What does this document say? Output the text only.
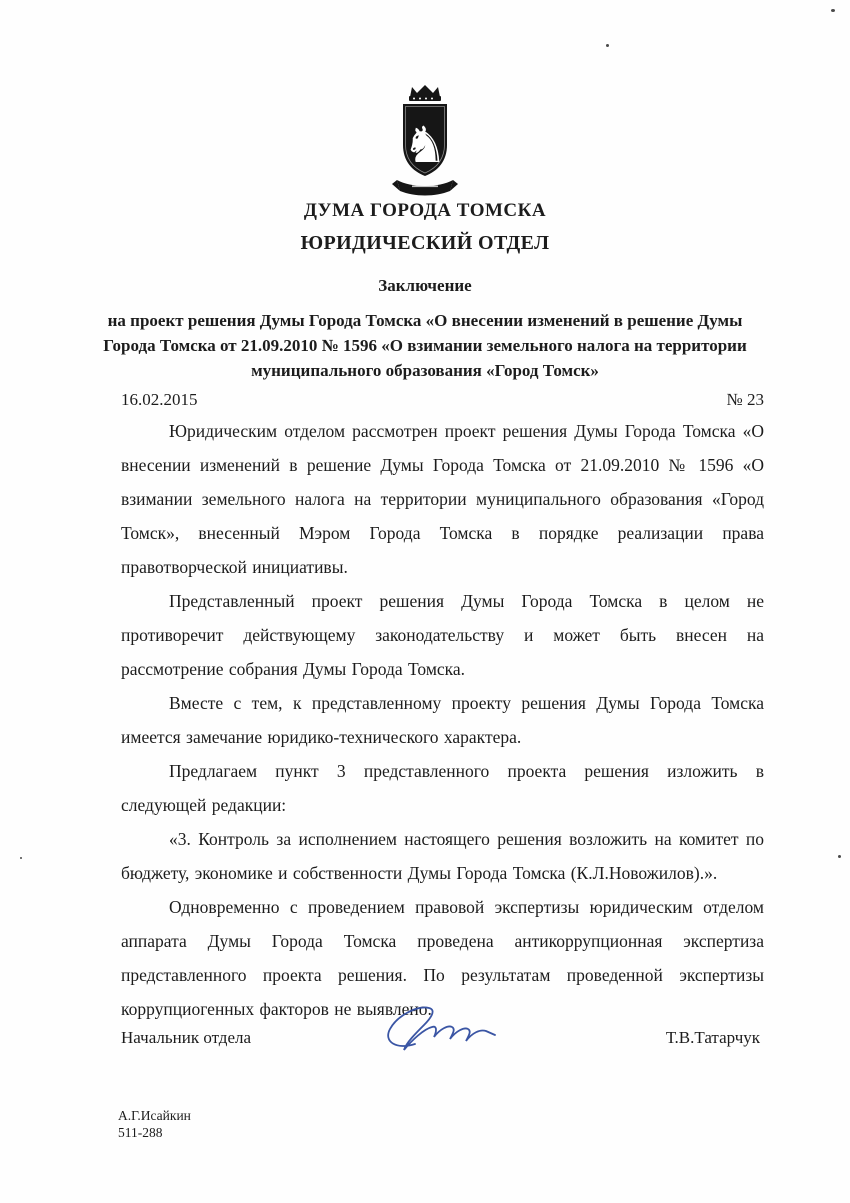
♞
ДУМА ГОРОДА ТОМСКА
ЮРИДИЧЕСКИЙ ОТДЕЛ
Заключение
на проект решения Думы Города Томска «О внесении изменений в решение Думы Города Томска от 21.09.2010 № 1596 «О взимании земельного налога на территории муниципального образования «Город Томск»
16.02.2015	№ 23

Юридическим отделом рассмотрен проект решения Думы Города Томска «О внесении изменений в решение Думы Города Томска от 21.09.2010 № 1596 «О взимании земельного налога на территории муниципального образования «Город Томск», внесенный Мэром Города Томска в порядке реализации права правотворческой инициативы.

Представленный проект решения Думы Города Томска в целом не противоречит действующему законодательству и может быть внесен на рассмотрение собрания Думы Города Томска.

Вместе с тем, к представленному проекту решения Думы Города Томска имеется замечание юридико-технического характера.

Предлагаем пункт 3 представленного проекта решения изложить в следующей редакции:

«3. Контроль за исполнением настоящего решения возложить на комитет по бюджету, экономике и собственности Думы Города Томска (К.Л.Новожилов).».

Одновременно с проведением правовой экспертизы юридическим отделом аппарата Думы Города Томска проведена антикоррупционная экспертиза представленного проекта решения. По результатам проведенной экспертизы коррупциогенных факторов не выявлено.

Начальник отдела	Т.В.Татарчук
А.Г.Исайкин
511-288
